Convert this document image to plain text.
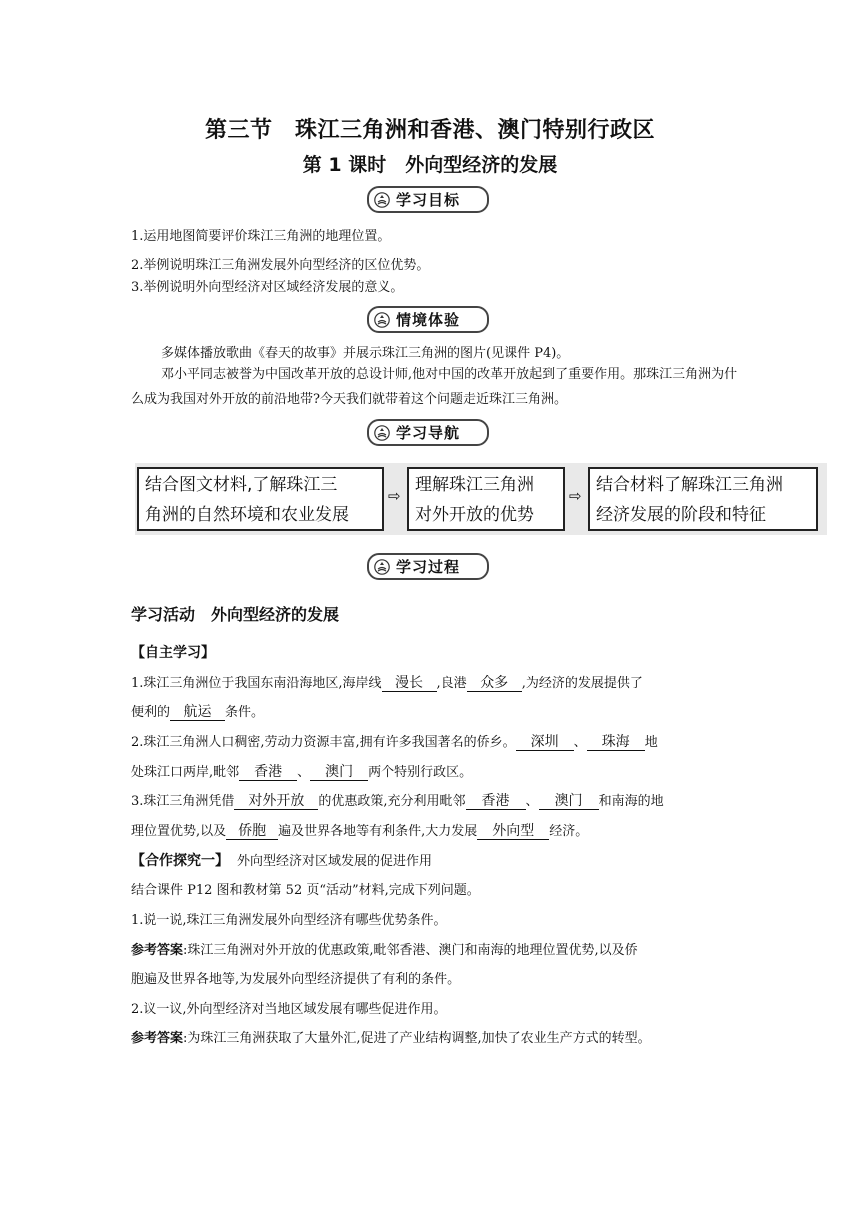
第三节　珠江三角洲和香港、澳门特别行政区
第 1 课时　外向型经济的发展
学习目标
1.运用地图简要评价珠江三角洲的地理位置。
2.举例说明珠江三角洲发展外向型经济的区位优势。
3.举例说明外向型经济对区域经济发展的意义。
情境体验
多媒体播放歌曲《春天的故事》并展示珠江三角洲的图片(见课件 P4)。
邓小平同志被誉为中国改革开放的总设计师,他对中国的改革开放起到了重要作用。那珠江三角洲为什么成为我国对外开放的前沿地带?今天我们就带着这个问题走近珠江三角洲。
学习导航
结合图文材料,了解珠江三
角洲的自然环境和农业发展
⇨
理解珠江三角洲
对外开放的优势
⇨
结合材料了解珠江三角洲
经济发展的阶段和特征
学习过程
学习活动　外向型经济的发展
【自主学习】
1.珠江三角洲位于我国东南沿海地区,海岸线 漫长 ,良港 众多 ,为经济的发展提供了
便利的 航运 条件。
2.珠江三角洲人口稠密,劳动力资源丰富,拥有许多我国著名的侨乡。 深圳 、 珠海 地
处珠江口两岸,毗邻 香港 、 澳门 两个特别行政区。
3.珠江三角洲凭借 对外开放 的优惠政策,充分利用毗邻 香港 、 澳门 和南海的地
理位置优势,以及 侨胞 遍及世界各地等有利条件,大力发展 外向型 经济。
【合作探究一】 外向型经济对区域发展的促进作用
结合课件 P12 图和教材第 52 页“活动”材料,完成下列问题。
1.说一说,珠江三角洲发展外向型经济有哪些优势条件。
参考答案:珠江三角洲对外开放的优惠政策,毗邻香港、澳门和南海的地理位置优势,以及侨
胞遍及世界各地等,为发展外向型经济提供了有利的条件。
2.议一议,外向型经济对当地区域发展有哪些促进作用。
参考答案:为珠江三角洲获取了大量外汇,促进了产业结构调整,加快了农业生产方式的转型。
